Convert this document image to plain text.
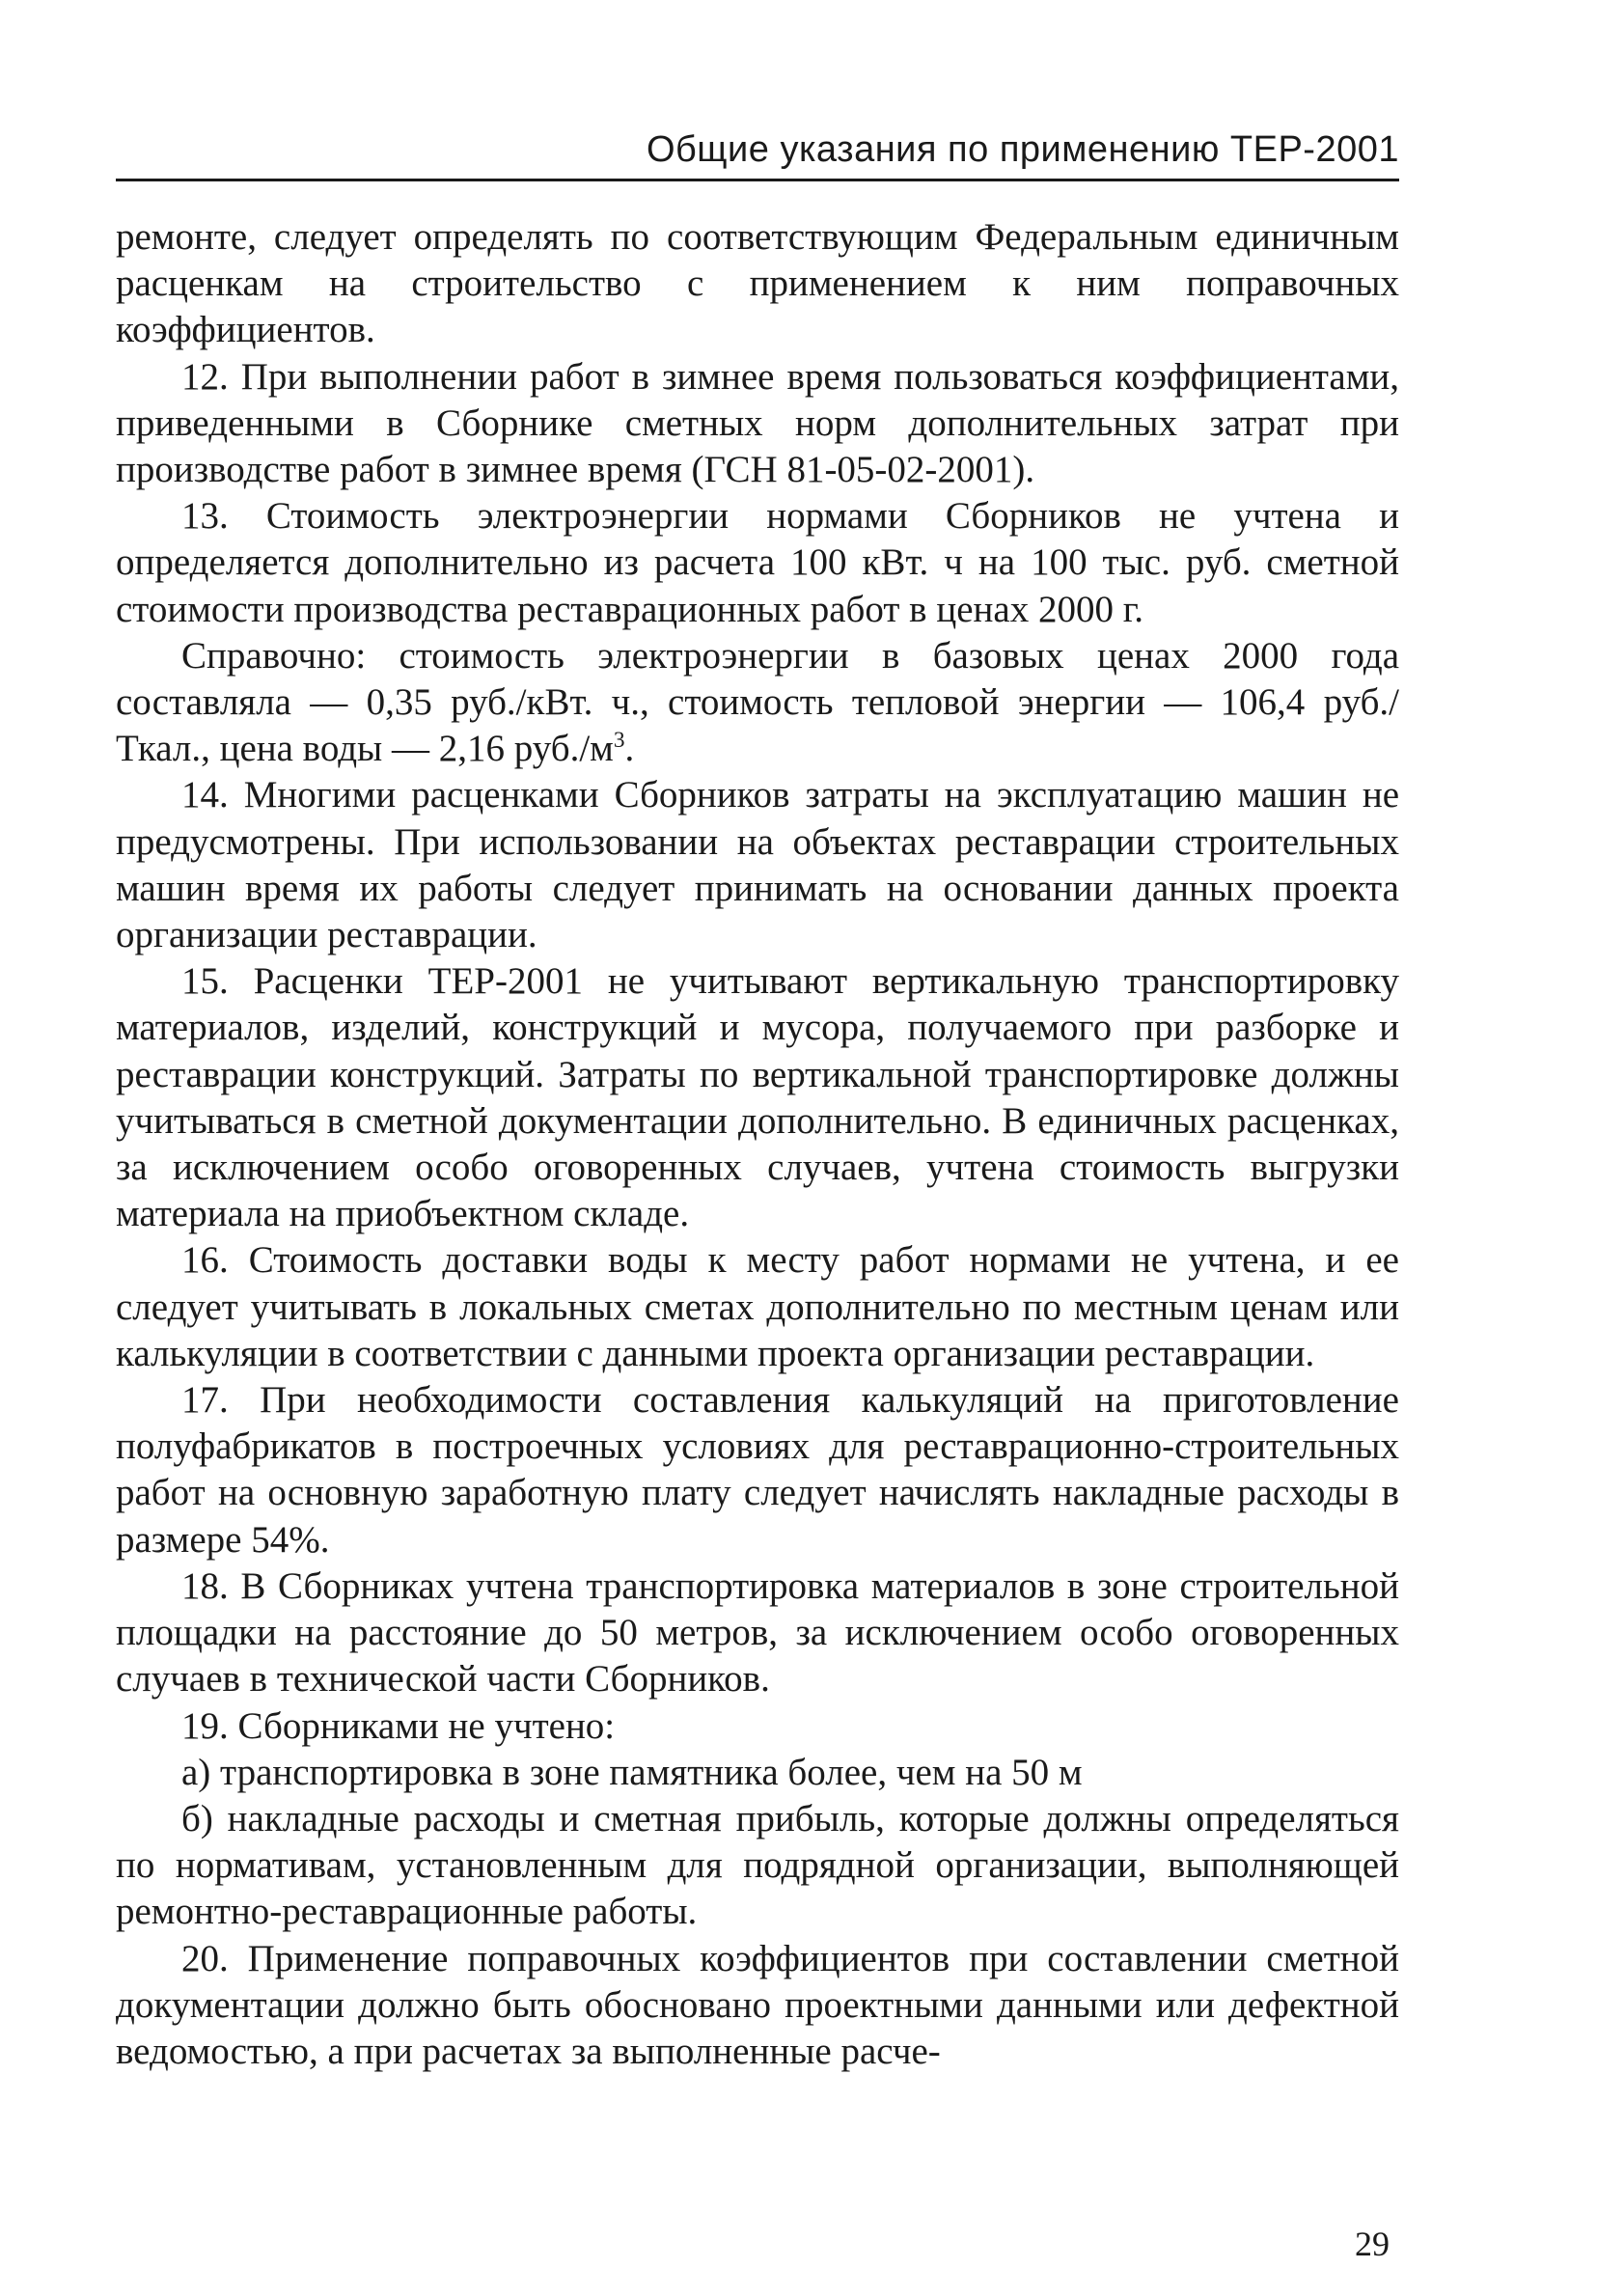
Общие указания по применению ТЕР-2001

ремонте, следует определять по соответствующим Федеральным единичным расценкам на строительство с применением к ним поправочных коэффициентов.

12. При выполнении работ в зимнее время пользоваться коэффициентами, приведенными в Сборнике сметных норм дополнительных затрат при производстве работ в зимнее время (ГСН 81-05-02-2001).

13. Стоимость электроэнергии нормами Сборников не учтена и определяется дополнительно из расчета 100 кВт. ч на 100 тыс. руб. сметной стоимости производства реставрационных работ в ценах 2000 г.

Справочно: стоимость электроэнергии в базовых ценах 2000 года составляла — 0,35 руб./кВт. ч., стоимость тепловой энергии — 106,4 руб./Ткал., цена воды — 2,16 $руб./м^3$.

14. Многими расценками Сборников затраты на эксплуатацию машин не предусмотрены. При использовании на объектах реставрации строительных машин время их работы следует принимать на основании данных проекта организации реставрации.

15. Расценки ТЕР-2001 не учитывают вертикальную транспортировку материалов, изделий, конструкций и мусора, получаемого при разборке и реставрации конструкций. Затраты по вертикальной транспортировке должны учитываться в сметной документации дополнительно. В единичных расценках, за исключением особо оговоренных случаев, учтена стоимость выгрузки материала на приобъектном складе.

16. Стоимость доставки воды к месту работ нормами не учтена, и ее следует учитывать в локальных сметах дополнительно по местным ценам или калькуляции в соответствии с данными проекта организации реставрации.

17. При необходимости составления калькуляций на приготовление полуфабрикатов в построечных условиях для реставрационно-строительных работ на основную заработную плату следует начислять накладные расходы в размере 54%.

18. В Сборниках учтена транспортировка материалов в зоне строительной площадки на расстояние до 50 метров, за исключением особо оговоренных случаев в технической части Сборников.

19. Сборниками не учтено:

а) транспортировка в зоне памятника более, чем на 50 м

б) накладные расходы и сметная прибыль, которые должны определяться по нормативам, установленным для подрядной организации, выполняющей ремонтно-реставрационные работы.

20. Применение поправочных коэффициентов при составлении сметной документации должно быть обосновано проектными данными или дефектной ведомостью, а при расчетах за выполненные расче-

29
